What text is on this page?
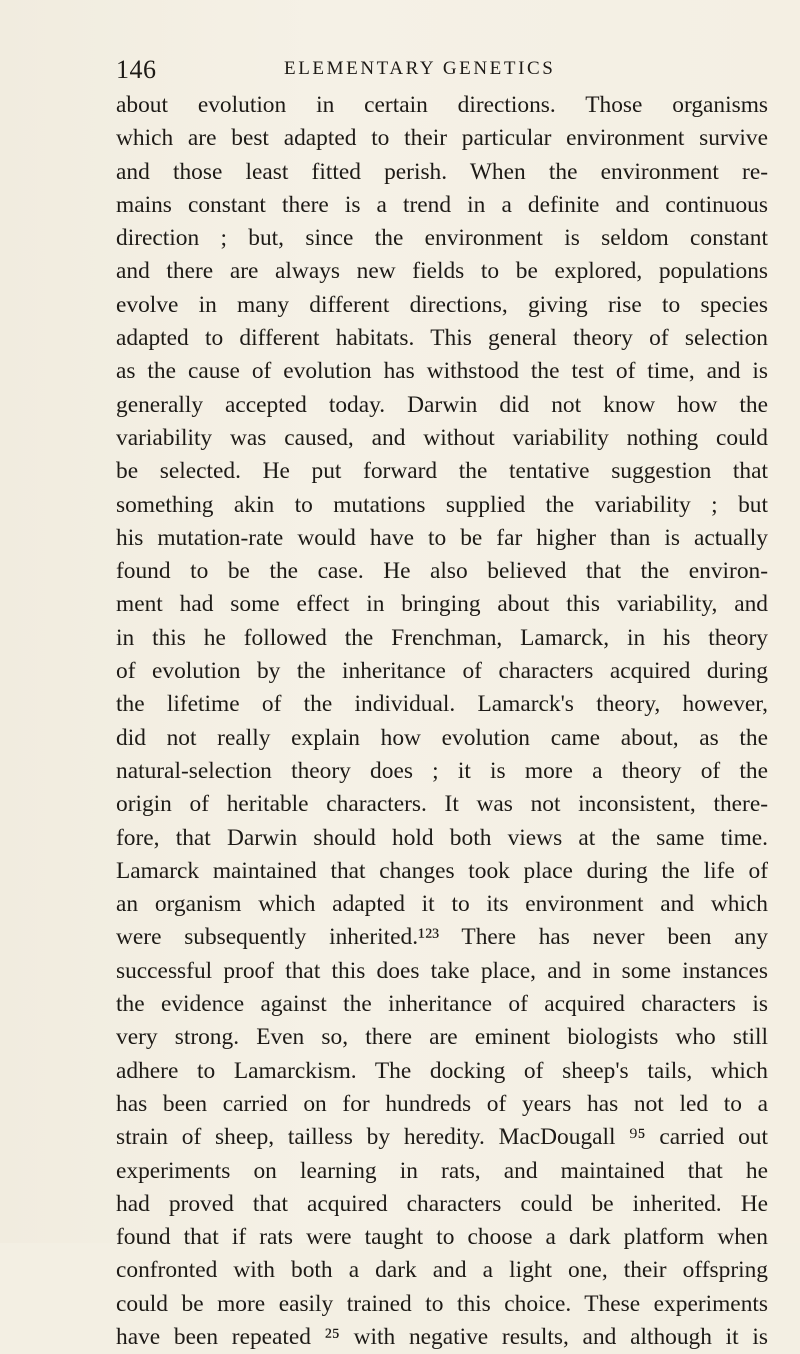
146	ELEMENTARY GENETICS
about evolution in certain directions. Those organisms
which are best adapted to their particular environment survive
and those least fitted perish. When the environment re-
mains constant there is a trend in a definite and continuous
direction ; but, since the environment is seldom constant
and there are always new fields to be explored, populations
evolve in many different directions, giving rise to species
adapted to different habitats. This general theory of selection
as the cause of evolution has withstood the test of time, and is
generally accepted today. Darwin did not know how the
variability was caused, and without variability nothing could
be selected. He put forward the tentative suggestion that
something akin to mutations supplied the variability ; but
his mutation-rate would have to be far higher than is actually
found to be the case. He also believed that the environ-
ment had some effect in bringing about this variability, and
in this he followed the Frenchman, Lamarck, in his theory
of evolution by the inheritance of characters acquired during
the lifetime of the individual. Lamarck's theory, however,
did not really explain how evolution came about, as the
natural-selection theory does ; it is more a theory of the
origin of heritable characters. It was not inconsistent, there-
fore, that Darwin should hold both views at the same time.
Lamarck maintained that changes took place during the life of
an organism which adapted it to its environment and which
were subsequently inherited.¹²³ There has never been any
successful proof that this does take place, and in some instances
the evidence against the inheritance of acquired characters is
very strong. Even so, there are eminent biologists who still
adhere to Lamarckism. The docking of sheep's tails, which
has been carried on for hundreds of years has not led to a
strain of sheep, tailless by heredity. MacDougall ⁹⁵ carried out
experiments on learning in rats, and maintained that he
had proved that acquired characters could be inherited. He
found that if rats were taught to choose a dark platform when
confronted with both a dark and a light one, their offspring
could be more easily trained to this choice. These experiments
have been repeated ²⁵ with negative results, and although it is
